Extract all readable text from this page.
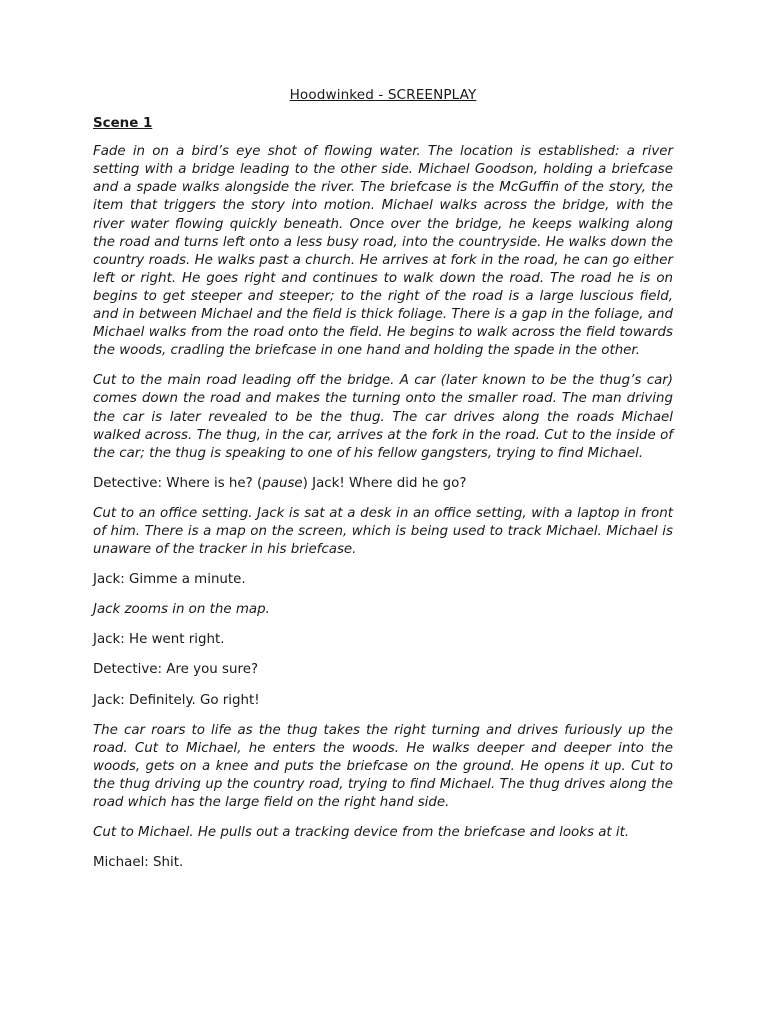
Hoodwinked - SCREENPLAY
Scene 1

Fade in on a bird’s eye shot of flowing water. The location is established: a river setting with a bridge leading to the other side. Michael Goodson, holding a briefcase and a spade walks alongside the river. The briefcase is the McGuffin of the story, the item that triggers the story into motion. Michael walks across the bridge, with the river water flowing quickly beneath. Once over the bridge, he keeps walking along the road and turns left onto a less busy road, into the countryside. He walks down the country roads. He walks past a church. He arrives at fork in the road, he can go either left or right. He goes right and continues to walk down the road. The road he is on begins to get steeper and steeper; to the right of the road is a large luscious field, and in between Michael and the field is thick foliage. There is a gap in the foliage, and Michael walks from the road onto the field. He begins to walk across the field towards the woods, cradling the briefcase in one hand and holding the spade in the other.

Cut to the main road leading off the bridge. A car (later known to be the thug’s car) comes down the road and makes the turning onto the smaller road. The man driving the car is later revealed to be the thug. The car drives along the roads Michael walked across. The thug, in the car, arrives at the fork in the road. Cut to the inside of the car; the thug is speaking to one of his fellow gangsters, trying to find Michael.

Detective: Where is he? (pause) Jack! Where did he go?

Cut to an office setting. Jack is sat at a desk in an office setting, with a laptop in front of him. There is a map on the screen, which is being used to track Michael. Michael is unaware of the tracker in his briefcase.

Jack: Gimme a minute.

Jack zooms in on the map.

Jack: He went right.

Detective: Are you sure?

Jack: Definitely. Go right!

The car roars to life as the thug takes the right turning and drives furiously up the road. Cut to Michael, he enters the woods. He walks deeper and deeper into the woods, gets on a knee and puts the briefcase on the ground. He opens it up. Cut to the thug driving up the country road, trying to find Michael. The thug drives along the road which has the large field on the right hand side.

Cut to Michael. He pulls out a tracking device from the briefcase and looks at it.

Michael: Shit.
